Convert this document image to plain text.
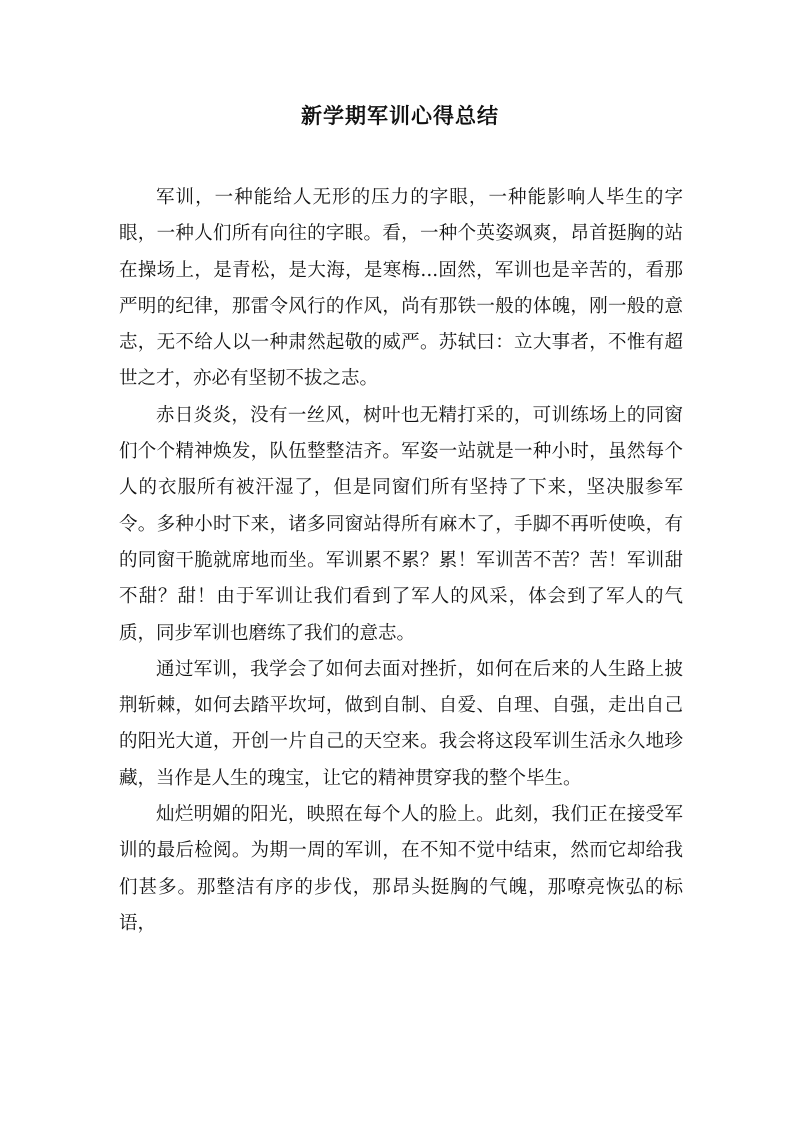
新学期军训心得总结

军训，一种能给人无形的压力的字眼，一种能影响人毕生的字眼，一种人们所有向往的字眼。看，一种个英姿飒爽，昂首挺胸的站在操场上，是青松，是大海，是寒梅...固然，军训也是辛苦的，看那严明的纪律，那雷令风行的作风，尚有那铁一般的体魄，刚一般的意志，无不给人以一种肃然起敬的威严。苏轼曰：立大事者，不惟有超世之才，亦必有坚韧不拔之志。

赤日炎炎，没有一丝风，树叶也无精打采的，可训练场上的同窗们个个精神焕发，队伍整整洁齐。军姿一站就是一种小时，虽然每个人的衣服所有被汗湿了，但是同窗们所有坚持了下来，坚决服参军令。多种小时下来，诸多同窗站得所有麻木了，手脚不再听使唤，有的同窗干脆就席地而坐。军训累不累？累！军训苦不苦？苦！军训甜不甜？甜！由于军训让我们看到了军人的风采，体会到了军人的气质，同步军训也磨练了我们的意志。

通过军训，我学会了如何去面对挫折，如何在后来的人生路上披荆斩棘，如何去踏平坎坷，做到自制、自爱、自理、自强，走出自己的阳光大道，开创一片自己的天空来。我会将这段军训生活永久地珍藏，当作是人生的瑰宝，让它的精神贯穿我的整个毕生。

灿烂明媚的阳光，映照在每个人的脸上。此刻，我们正在接受军训的最后检阅。为期一周的军训，在不知不觉中结束，然而它却给我们甚多。那整洁有序的步伐，那昂头挺胸的气魄，那嘹亮恢弘的标语，
